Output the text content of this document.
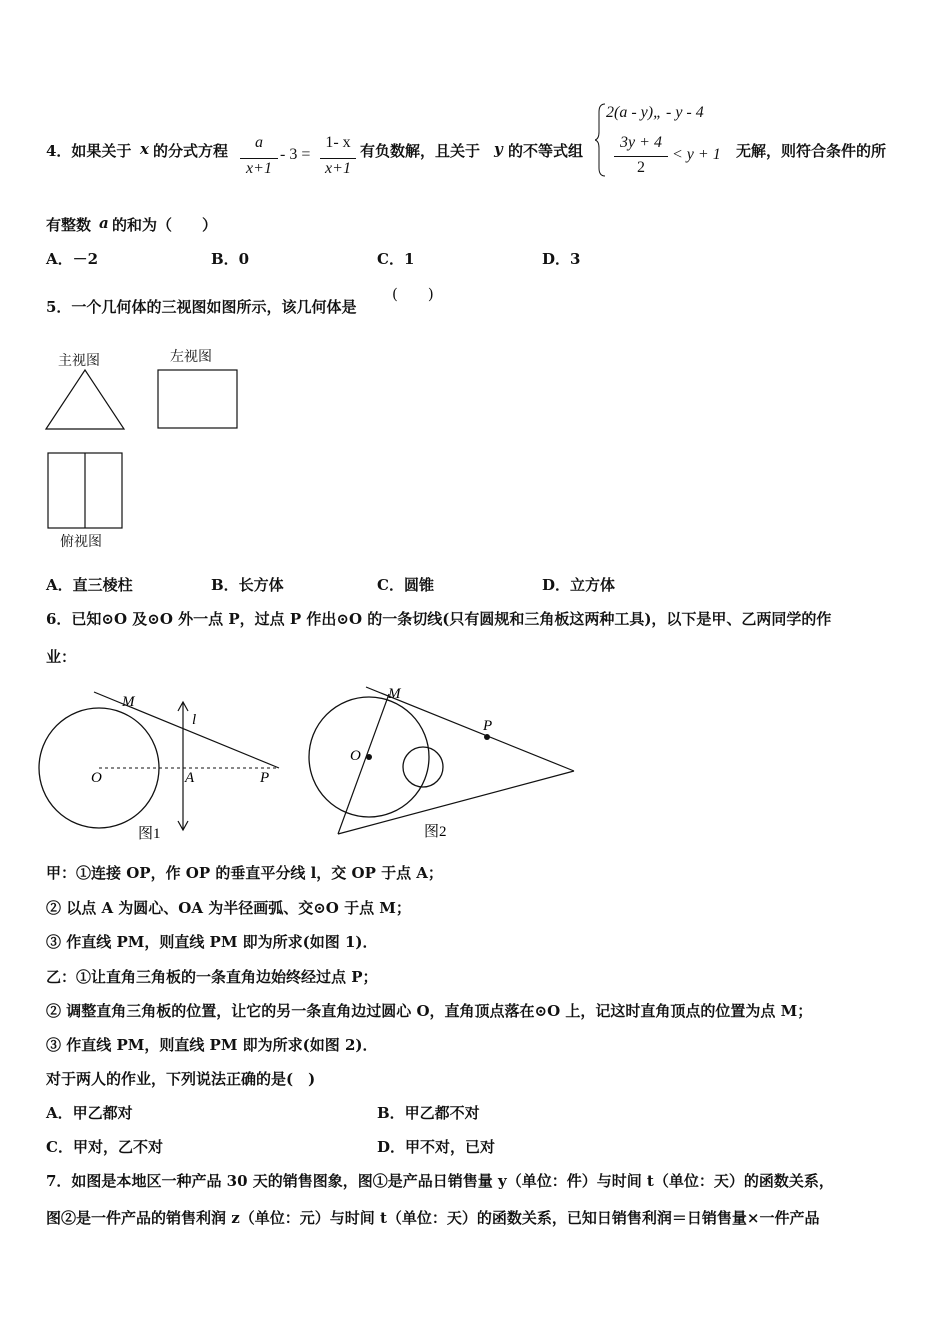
4．如果关于 x 的分式方程	a
x+1
- 3 =
1- x
x+1
有负数解，且关于 y 的不等式组
2(a - y)„ - y - 4
3y + 4
2
< y + 1 无解，则符合条件的所
有整数 a 的和为（　　）
A．－2	B．0	C．1	D．3
5．一个几何体的三视图如图所示，该几何体是
(　　)
主视图	左视图
俯视图
A．直三棱柱	B．长方体	C．圆锥	D．立方体
6．已知⊙O 及⊙O 外一点 P，过点 P 作出⊙O 的一条切线(只有圆规和三角板这两种工具)，以下是甲、乙两同学的作
业：
M
l
O	A	P
图1
M
P
O
图2
甲：①连接 OP，作 OP 的垂直平分线 l，交 OP 于点 A；
② 以点 A 为圆心、OA 为半径画弧、交⊙O 于点 M；
③ 作直线 PM，则直线 PM 即为所求(如图 1)．
乙：①让直角三角板的一条直角边始终经过点 P；
② 调整直角三角板的位置，让它的另一条直角边过圆心 O，直角顶点落在⊙O 上，记这时直角顶点的位置为点 M；
③ 作直线 PM，则直线 PM 即为所求(如图 2)．
对于两人的作业，下列说法正确的是(　)
A．甲乙都对	B．甲乙都不对
C．甲对，乙不对	D．甲不对，已对
7．如图是本地区一种产品 30 天的销售图象，图①是产品日销售量 y（单位：件）与时间 t（单位：天）的函数关系，
图②是一件产品的销售利润 z（单位：元）与时间 t（单位：天）的函数关系，已知日销售利润＝日销售量×一件产品
